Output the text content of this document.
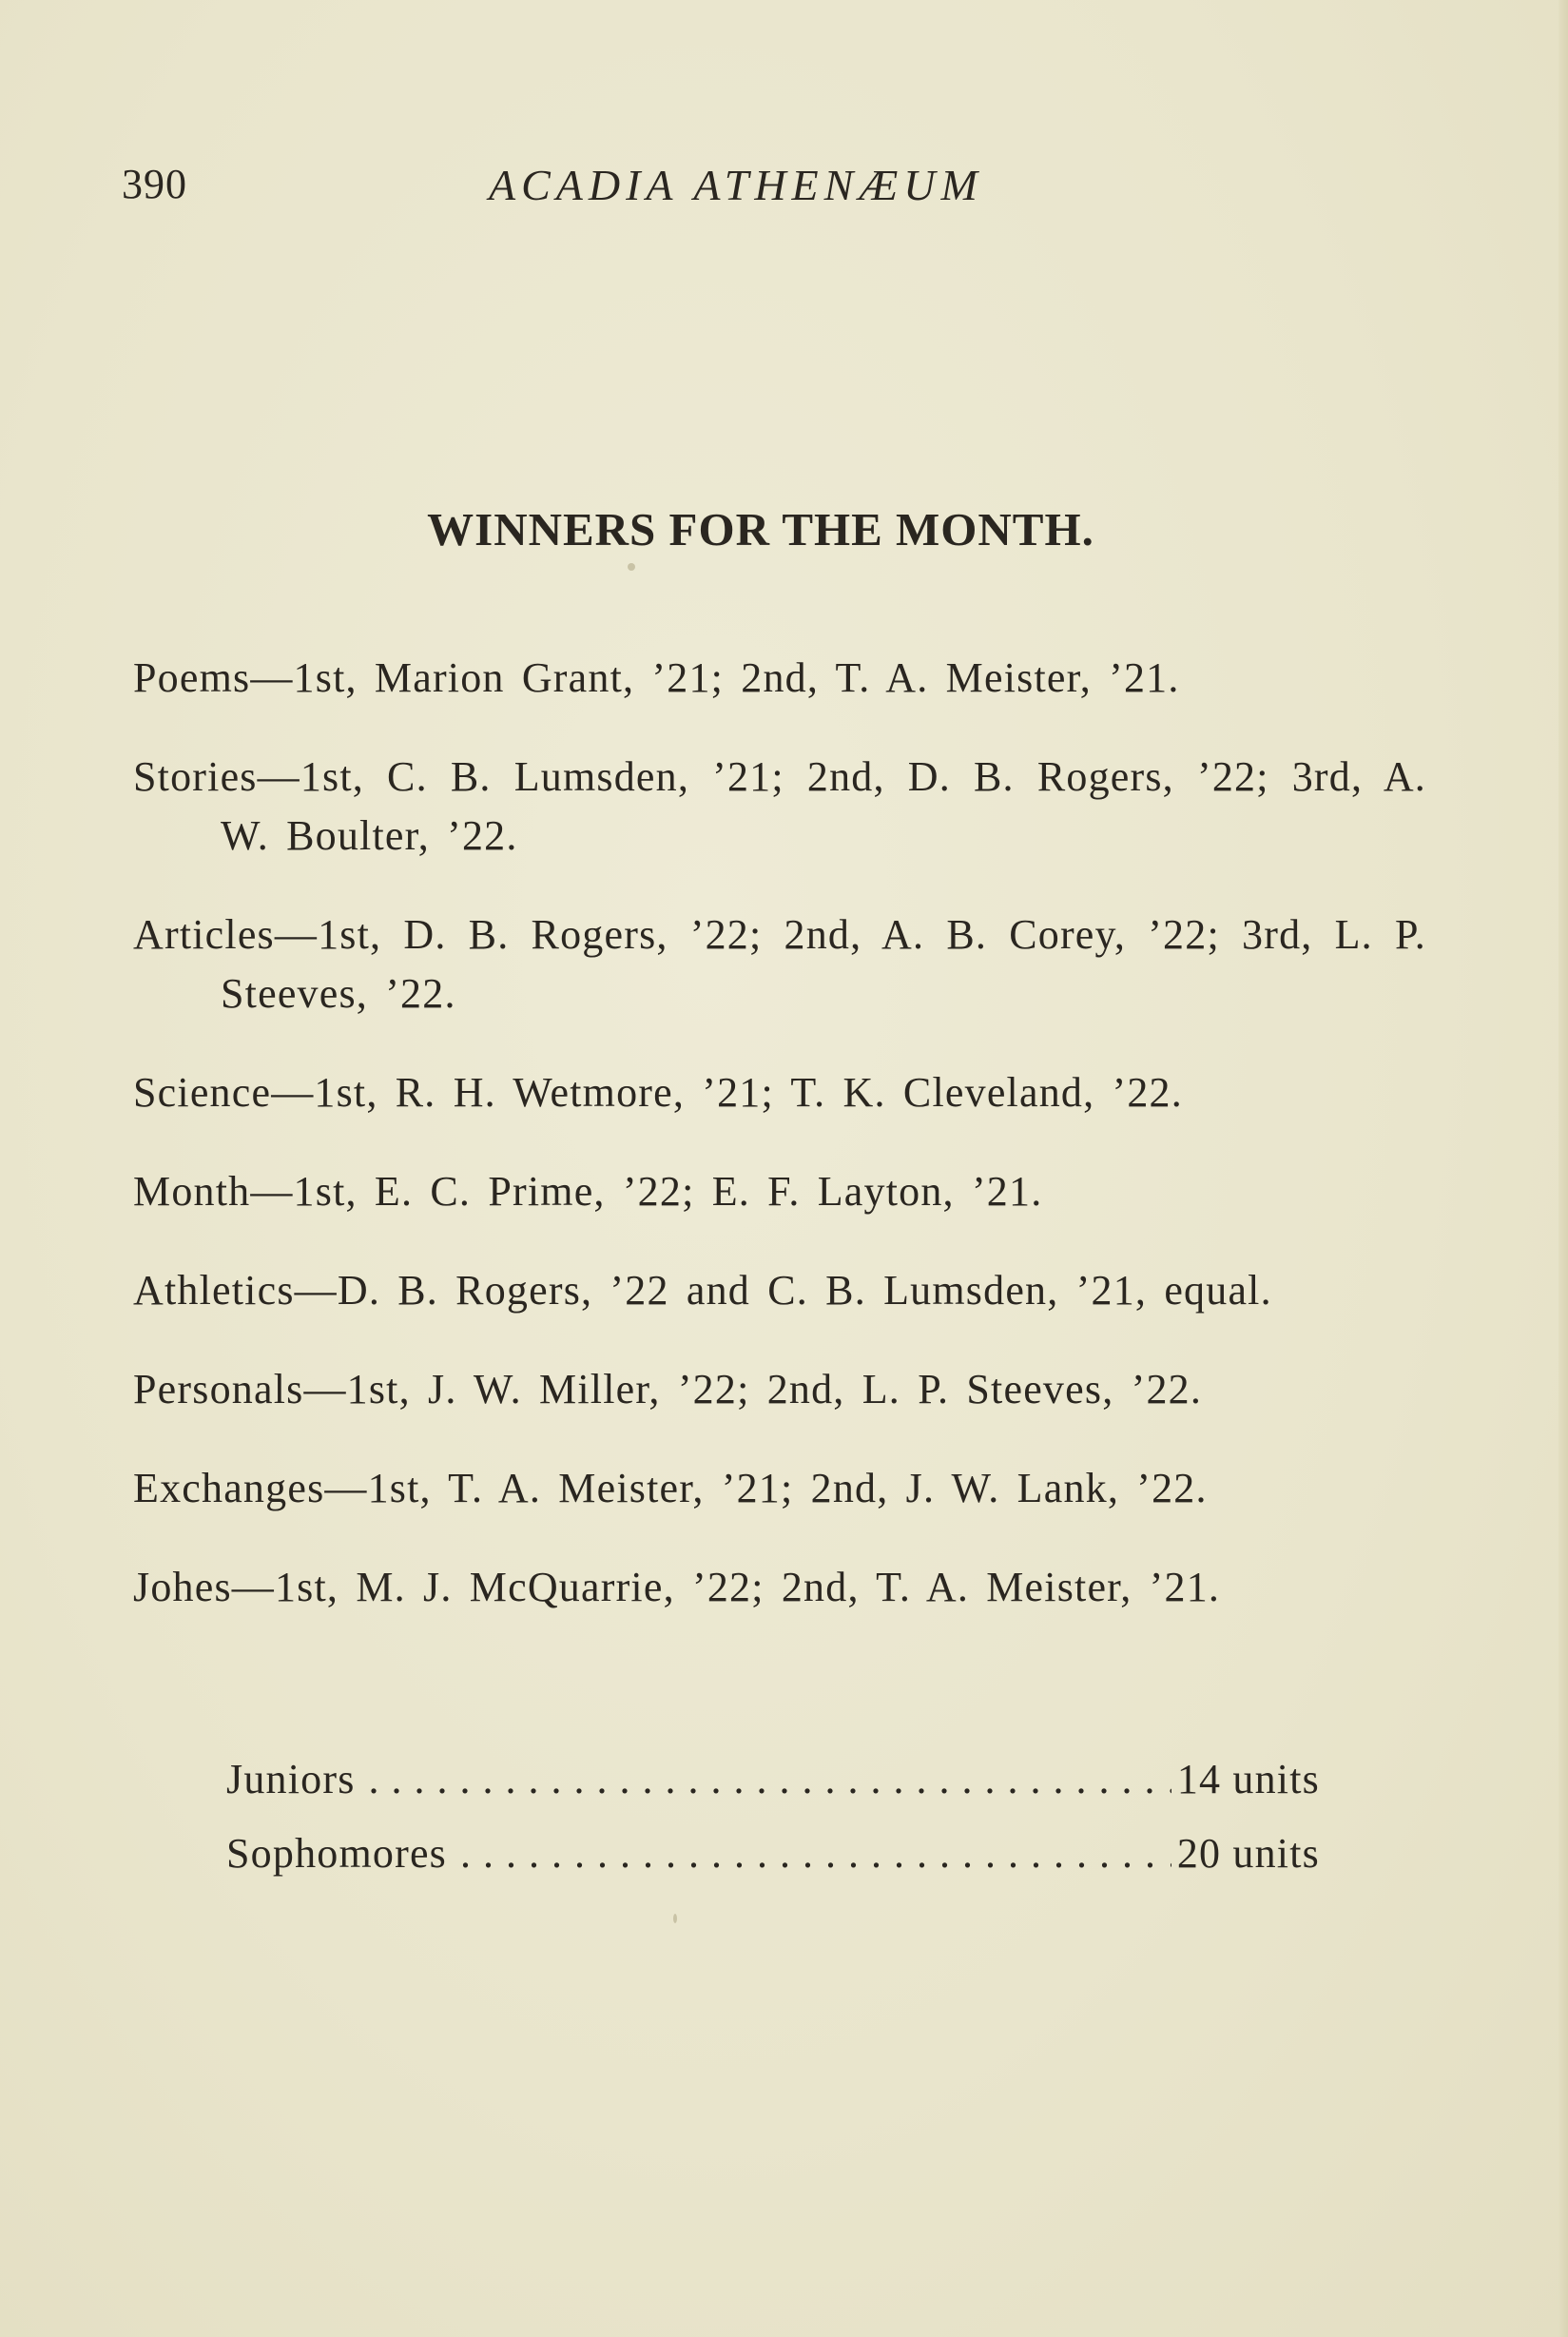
390	ACADIA ATHENÆUM
WINNERS FOR THE MONTH.
Poems—1st, Marion Grant, ’21; 2nd, T. A. Meister, ’21.
Stories—1st, C. B. Lumsden, ’21; 2nd, D. B. Rogers, ’22; 3rd, A. W. Boulter, ’22.
Articles—1st, D. B. Rogers, ’22; 2nd, A. B. Corey, ’22; 3rd, L. P. Steeves, ’22.
Science—1st, R. H. Wetmore, ’21; T. K. Cleveland, ’22.
Month—1st, E. C. Prime, ’22; E. F. Layton, ’21.
Athletics—D. B. Rogers, ’22 and C. B. Lumsden, ’21, equal.
Personals—1st, J. W. Miller, ’22; 2nd, L. P. Steeves, ’22.
Exchanges—1st, T. A. Meister, ’21; 2nd, J. W. Lank, ’22.
Johes—1st, M. J. McQuarrie, ’22; 2nd, T. A. Meister, ’21.
Juniors . . .	14 units
Sophomores . . .	20 units
